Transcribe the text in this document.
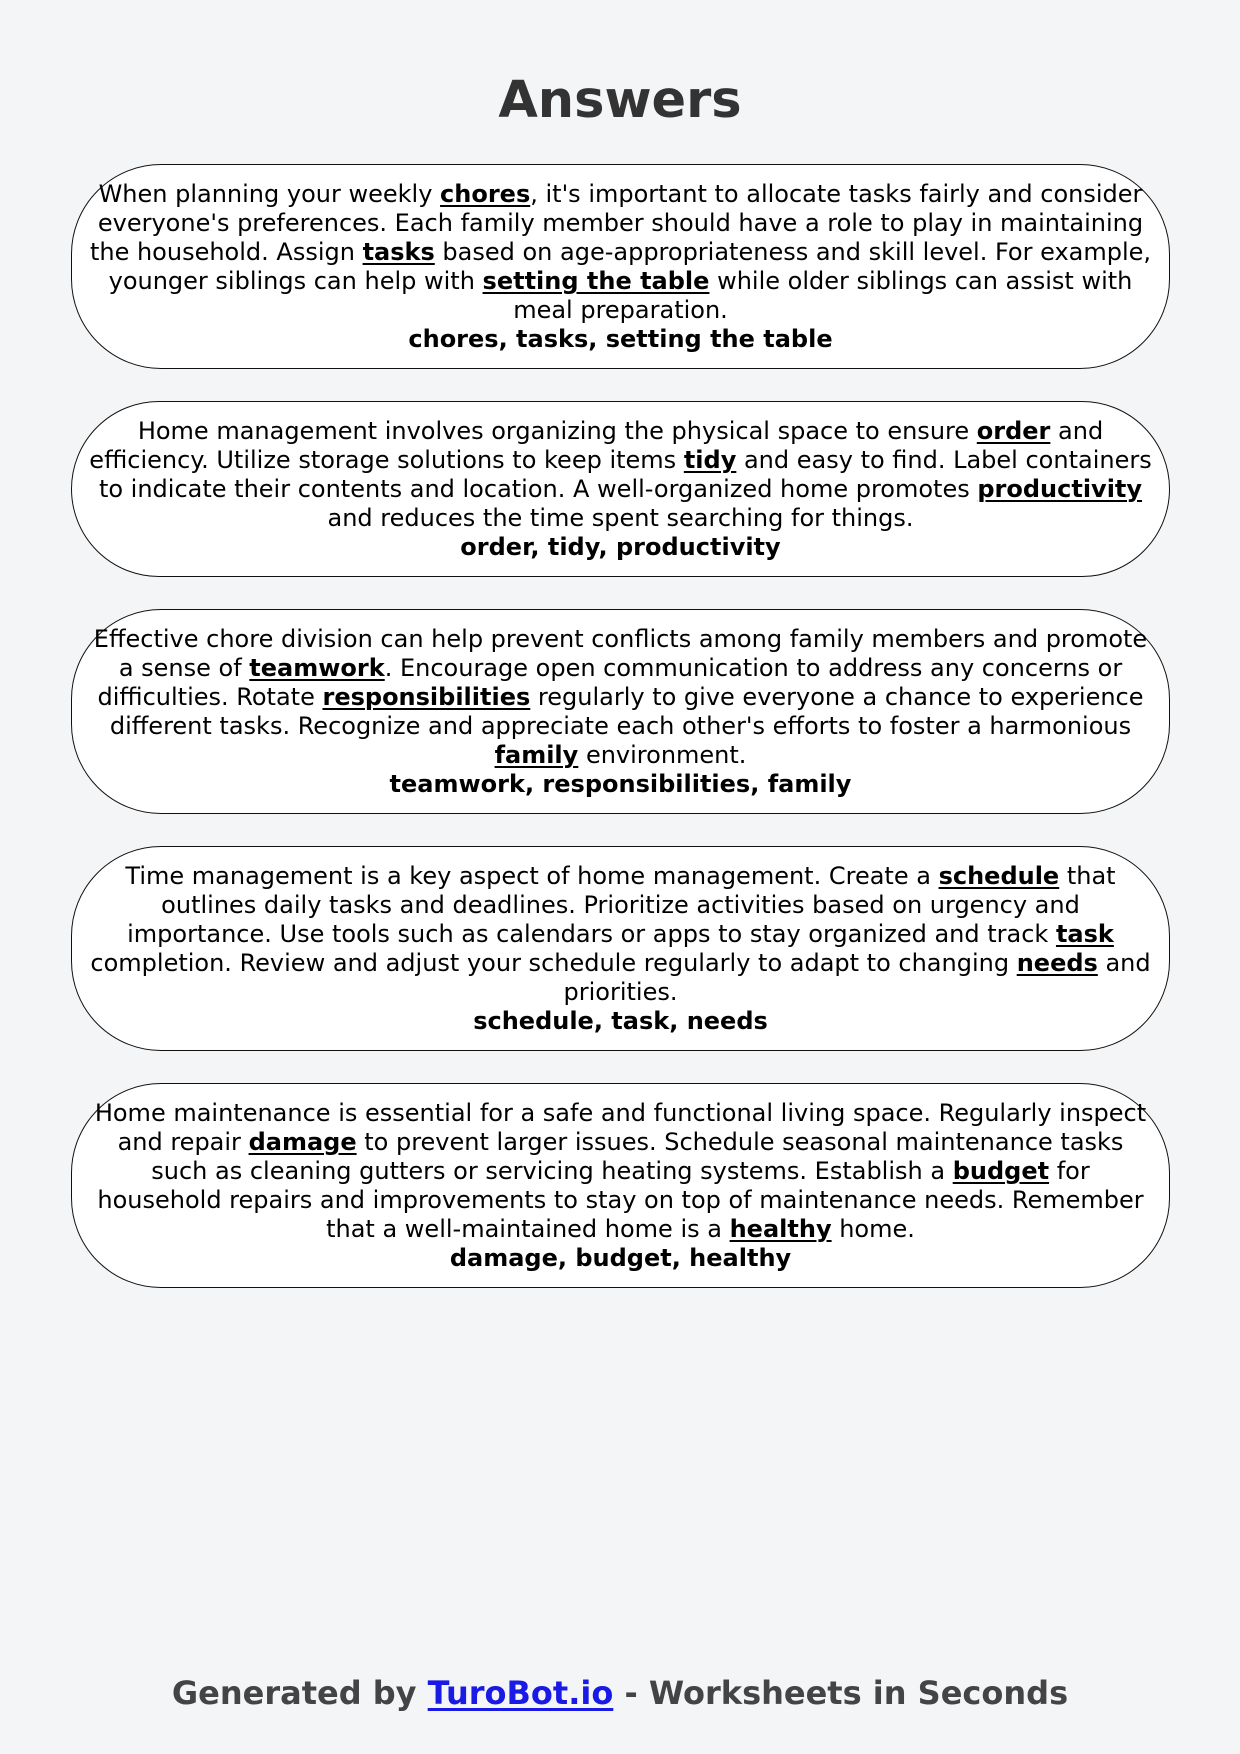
Answers

When planning your weekly chores, it's important to allocate tasks fairly and consider everyone's preferences. Each family member should have a role to play in maintaining the household. Assign tasks based on age-appropriateness and skill level. For example, younger siblings can help with setting the table while older siblings can assist with meal preparation.

chores, tasks, setting the table

Home management involves organizing the physical space to ensure order and efficiency. Utilize storage solutions to keep items tidy and easy to find. Label containers to indicate their contents and location. A well-organized home promotes productivity and reduces the time spent searching for things.

order, tidy, productivity

Effective chore division can help prevent conflicts among family members and promote a sense of teamwork. Encourage open communication to address any concerns or difficulties. Rotate responsibilities regularly to give everyone a chance to experience different tasks. Recognize and appreciate each other's efforts to foster a harmonious family environment.

teamwork, responsibilities, family

Time management is a key aspect of home management. Create a schedule that outlines daily tasks and deadlines. Prioritize activities based on urgency and importance. Use tools such as calendars or apps to stay organized and track task completion. Review and adjust your schedule regularly to adapt to changing needs and priorities.

schedule, task, needs

Home maintenance is essential for a safe and functional living space. Regularly inspect and repair damage to prevent larger issues. Schedule seasonal maintenance tasks such as cleaning gutters or servicing heating systems. Establish a budget for household repairs and improvements to stay on top of maintenance needs. Remember that a well-maintained home is a healthy home.

damage, budget, healthy

Generated by TuroBot.io - Worksheets in Seconds
